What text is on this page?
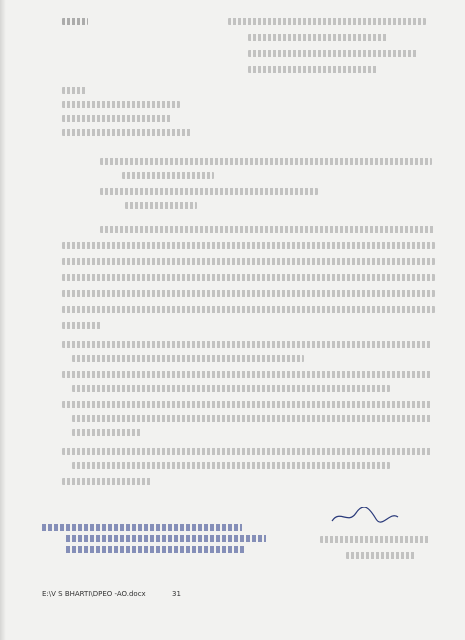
E:\V S BHARTI\DPEO -AO.docx	31
